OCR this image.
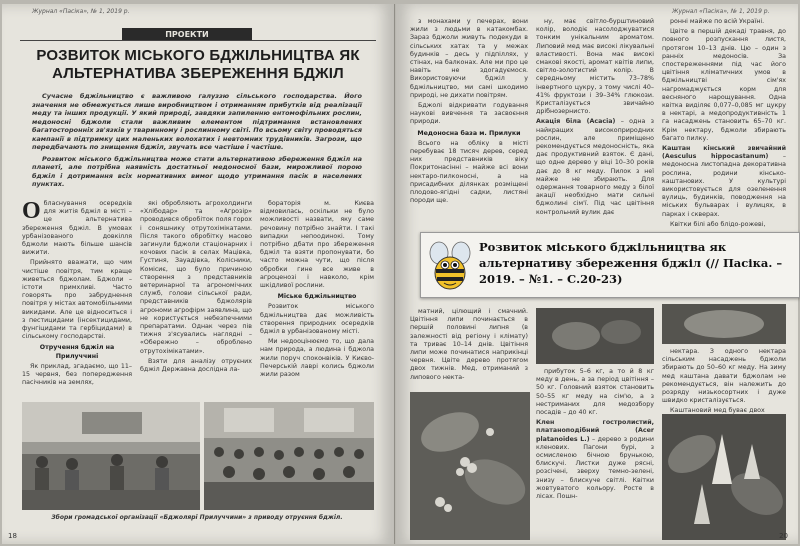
Журнал «Пасіка», № 1, 2019 р.
ПРОЕКТИ
РОЗВИТОК МІСЬКОГО БДЖІЛЬНИЦТВА ЯК АЛЬТЕРНАТИВА ЗБЕРЕЖЕННЯ БДЖІЛ

Сучасне бджільництво є важливою галуззю сільського господарства. Його значення не обмежується лише виробництвом і отриманням прибутків від реалізації меду та інших продукції. У який природі, завдяки запиленню ентомофільних рослин, медоносні бджоли стали важливим елементом підтримання встановлених багатосторонніх зв'язків у тваринному і рослинному світі. По всьому світу проводяться кампанії в підтримку цих маленьких волохатих і невтомних трудівників. Загрози, що передбачають по знищення бджіл, звучать все частіше і частіше.

Розвиток міського бджільництва може стати альтернативою збереження бджіл на планеті, але потрібна наявність достатньої медоносної бази, мирожливої порою бджіл і дотримання всіх нормативних вимог щодо утримання пасік в населених пунктах.

О бласнування осередків для житія бджіл в місті – це альтернатива збереження бджіл. В умовах урбанізованого довкілля бджоли мають більше шансів вижити.

Прийнято вважати, що чим чистіше повітря, тим краще живеться бджолам. Бджоли – істоти примхливі. Часто говорять про забруднення повітря у містах автомобільними викидами. Але це відноситься і з пестицидами (інсектицидами, фунгіцидами та гербіцидами) в сільському господарстві.

Отручення бджіл на Прилуччині

Як приклад, згадаємо, що 11–15 червня, без попередження пасічників на землях,

які обробляють агрохолдинги «Хлібодар» та «Агрозір» проводився обробіток поля горох і соняшнику отрутохімікатами. Після такого обробітку масово загинули бджоли стаціонарних і кочових пасік в селах Мацівка, Густиня, Зауадівка, Колісники, Комісиє, що було причиною створення з представників ветеринарної та агрономічних служб, голови сільської ради, представників бджолярів агрономи агрофірм заявлина, що не користується небезпечними препаратами. Однак через пів тижня з'ясувались наглядні – «Обережно – оброблено отрутохімікатами».

Взяти для аналізу отруєних бджіл Державна досліднa ла-

бораторія м. Києва відмовилась, оскільки не було можливості назвати, яку саме речовину потрібно знайти. І такі випадки непоодинокі. Тому потрібно дбати про збереження бджіл та взяти пропонувати, бо часто можна чути, що після обробки гине все живе в агроценозі і навколо, крім шкідливої рослини.

Міське бджільництво

Розвиток міського бджільництва дає можливість створення природних осередків бджіл в урбанізованому місті.

Ми недооцінюємо то, що дала нам природа, а людина і бджола жили поруч споконвіків. У Києво-Печерській лаврі колись бджоли жили разом

Збори громадської організації «Бджолярі Прилуччини» з приводу отруєння бджіл.
18
Журнал «Пасіка», № 1, 2019 р.

з монахами у печерах, вони жили з людьми в катакомбах. Зараз бджоли живуть подекуди в сільських хатах та у межах будинків – десь у підпіллях, у стінах, на балконах. Але ми про це навіть не здогадуємося. Використовуючи бджіл у бджільництво, ми самі шкодимо природі, не дихати повітрям.

Бджолі відкривати годування наукові вивчення та засвоєння природи.

Медоносна база м. Прилуки

Всього на обліку в місті перебуває 18 тисяч дерев, серед них представників віку Покритонасінні – майже всі вони нектаро-пилконосні, а на присадибних ділянках розміщені плодово-ягідні садки, листяні породи ще.

ну, має світло-бурштиновий колір, володіє насолоджуватися тонким унікальним ароматом. Липовий мед має високі лікувальні властивості. Вона має високі смакові якості, аромат квітів липи, світло-золотистий колір. В середньому містить 73–78% інвертного цукру, з тому числі 40–41% фруктози і 39–34% глюкози. Кристалізується звичайно дрібнозернисто.

Акація біла (Acacia) – одна з найкращих високоприродних рослин, але приміщено рекомендується медоносність, яка дає продуктивний взяток. Є дані, що одне дерево у віці 10–30 років дає до 8 кг меду. Пилок з неї майже не збирають. Для одержання товарного меду з білої акації необхідно мати сильні бджолині сім'ї. Під час цвітіння контрольний вулик дає

ронні майже по всій Україні.

Цвіте в першій декаді травня, до повного розпускання листя, протягом 10–13 днів. Цю – один з ранніх медоносів. За спостереженнями під час його цвітіння кліматичних умов в бджільництві сім'ях нагромаджується корм для весняного нарощування. Одна квітка виділяє 0,077–0,085 мг цукру в нектарі, а медопродуктивність 1 га насаджень становить 65–70 кг. Крім нектару, бджоли збирають багато пилку.

Каштан кінський звичайний (Aesculus hippocastanum) – медоносна листопадна декоративна рослина, родини кінсько-каштанових. У культурі використовується для озеленення вулиць, будинків, поводження на міських бульварах і вулицях, в парках і скверах.

Квітки білі або блідо-рожеві,

матний, цілющий і смачний. Цвітіння липи починається в першій половині липня (в залежності від регіону і клімату) та триває 10–14 днів. Цвітіння липи може починатися наприкінці червня. Цвіте дерево протягом двох тижнів. Мед, отриманий з липового некта-

прибуток 5–6 кг, а то й 8 кг меду в день, а за період цвітіння – 50 кг. Головний взяток становить 50–55 кг меду на сім'ю, а з нестриманих для медозбору посадів – до 40 кг.

Клен гостролистий, платаноподібний (Acer platanoides L.) – дерево з родини кленових. Пагони бурі, з осмисленою бічною брунькою, блискучі. Листки дуже рясні, розсічені, зверху темно-зелені, знизу – блискуче світлі. Квітки жовтуватого кольору. Росте в лісах. Пошн-

нектара. З одного нектара сільським насаджень бджоли збирають до 50–60 кг меду. На зиму мед каштана давати бджолам не рекомендується, він належить до розряду низькосортних і дуже швидко кристалізується.

Каштановий мед буває двох

20
Розвиток міського бджільництва як альтернативу збереження бджіл (// Пасіка. – 2019. – №1. – С.20-23)
